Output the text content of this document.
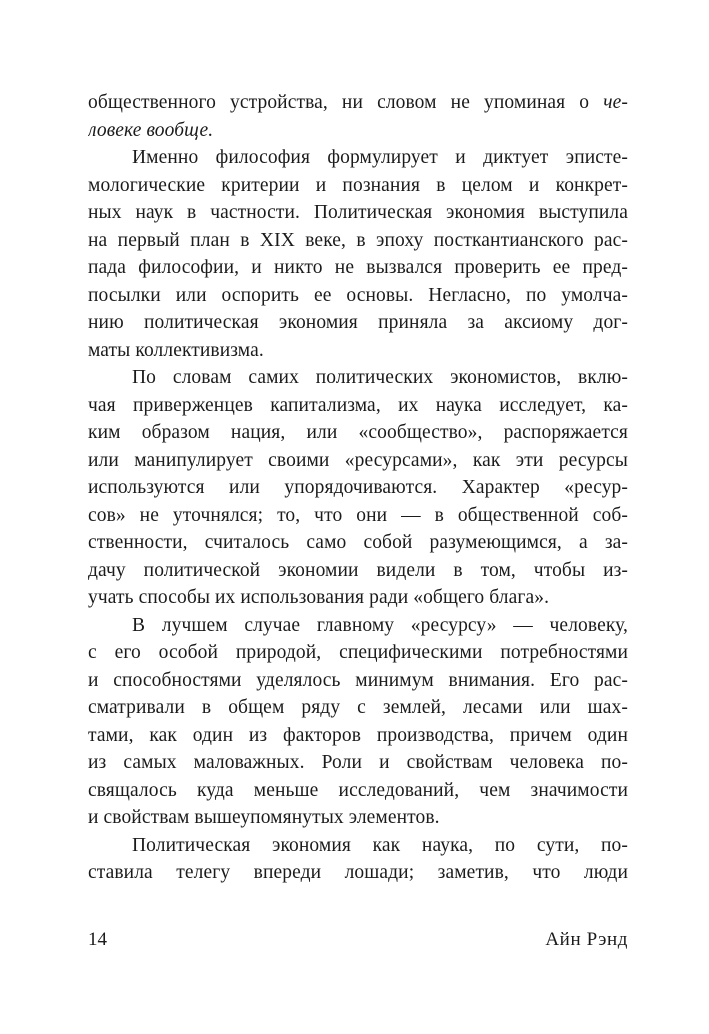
общественного устройства, ни словом не упоминая о че-
ловеке вообще.
Именно философия формулирует и диктует эписте-
мологические критерии и познания в целом и конкрет-
ных наук в частности. Политическая экономия выступила
на первый план в XIX веке, в эпоху посткантианского рас-
пада философии, и никто не вызвался проверить ее пред-
посылки или оспорить ее основы. Негласно, по умолча-
нию политическая экономия приняла за аксиому дог-
маты коллективизма.
По словам самих политических экономистов, вклю-
чая приверженцев капитализма, их наука исследует, ка-
ким образом нация, или «сообщество», распоряжается
или манипулирует своими «ресурсами», как эти ресурсы
используются или упорядочиваются. Характер «ресур-
сов» не уточнялся; то, что они — в общественной соб-
ственности, считалось само собой разумеющимся, а за-
дачу политической экономии видели в том, чтобы из-
учать способы их использования ради «общего блага».
В лучшем случае главному «ресурсу» — человеку,
с его особой природой, специфическими потребностями
и способностями уделялось минимум внимания. Его рас-
сматривали в общем ряду с землей, лесами или шах-
тами, как один из факторов производства, причем один
из самых маловажных. Роли и свойствам человека по-
свящалось куда меньше исследований, чем значимости
и свойствам вышеупомянутых элементов.
Политическая экономия как наука, по сути, по-
ставила телегу впереди лошади; заметив, что люди
14	Айн Рэнд
